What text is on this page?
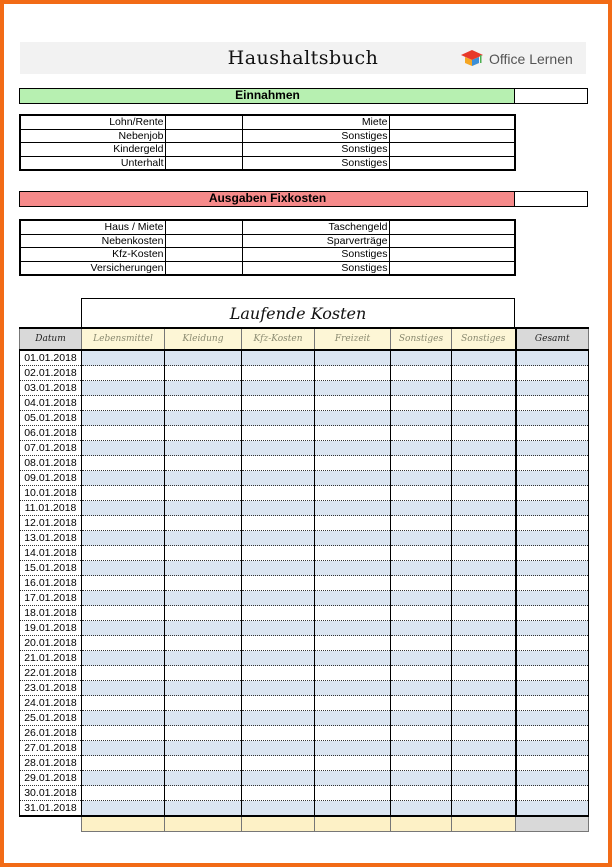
Haushaltsbuch	Office Lernen
Einnahmen
Lohn/Rente		Miete	
Nebenjob		Sonstiges	
Kindergeld		Sonstiges	
Unterhalt		Sonstiges	
Ausgaben Fixkosten
Haus / Miete		Taschengeld	
Nebenkosten		Sparverträge	
Kfz-Kosten		Sonstiges	
Versicherungen		Sonstiges	
Laufende Kosten
Datum	Lebensmittel	Kleidung	Kfz-Kosten	Freizeit	Sonstiges	Sonstiges	Gesamt
01.01.2018							
02.01.2018							
03.01.2018							
04.01.2018							
05.01.2018							
06.01.2018							
07.01.2018							
08.01.2018							
09.01.2018							
10.01.2018							
11.01.2018							
12.01.2018							
13.01.2018							
14.01.2018							
15.01.2018							
16.01.2018							
17.01.2018							
18.01.2018							
19.01.2018							
20.01.2018							
21.01.2018							
22.01.2018							
23.01.2018							
24.01.2018							
25.01.2018							
26.01.2018							
27.01.2018							
28.01.2018							
29.01.2018							
30.01.2018							
31.01.2018							
